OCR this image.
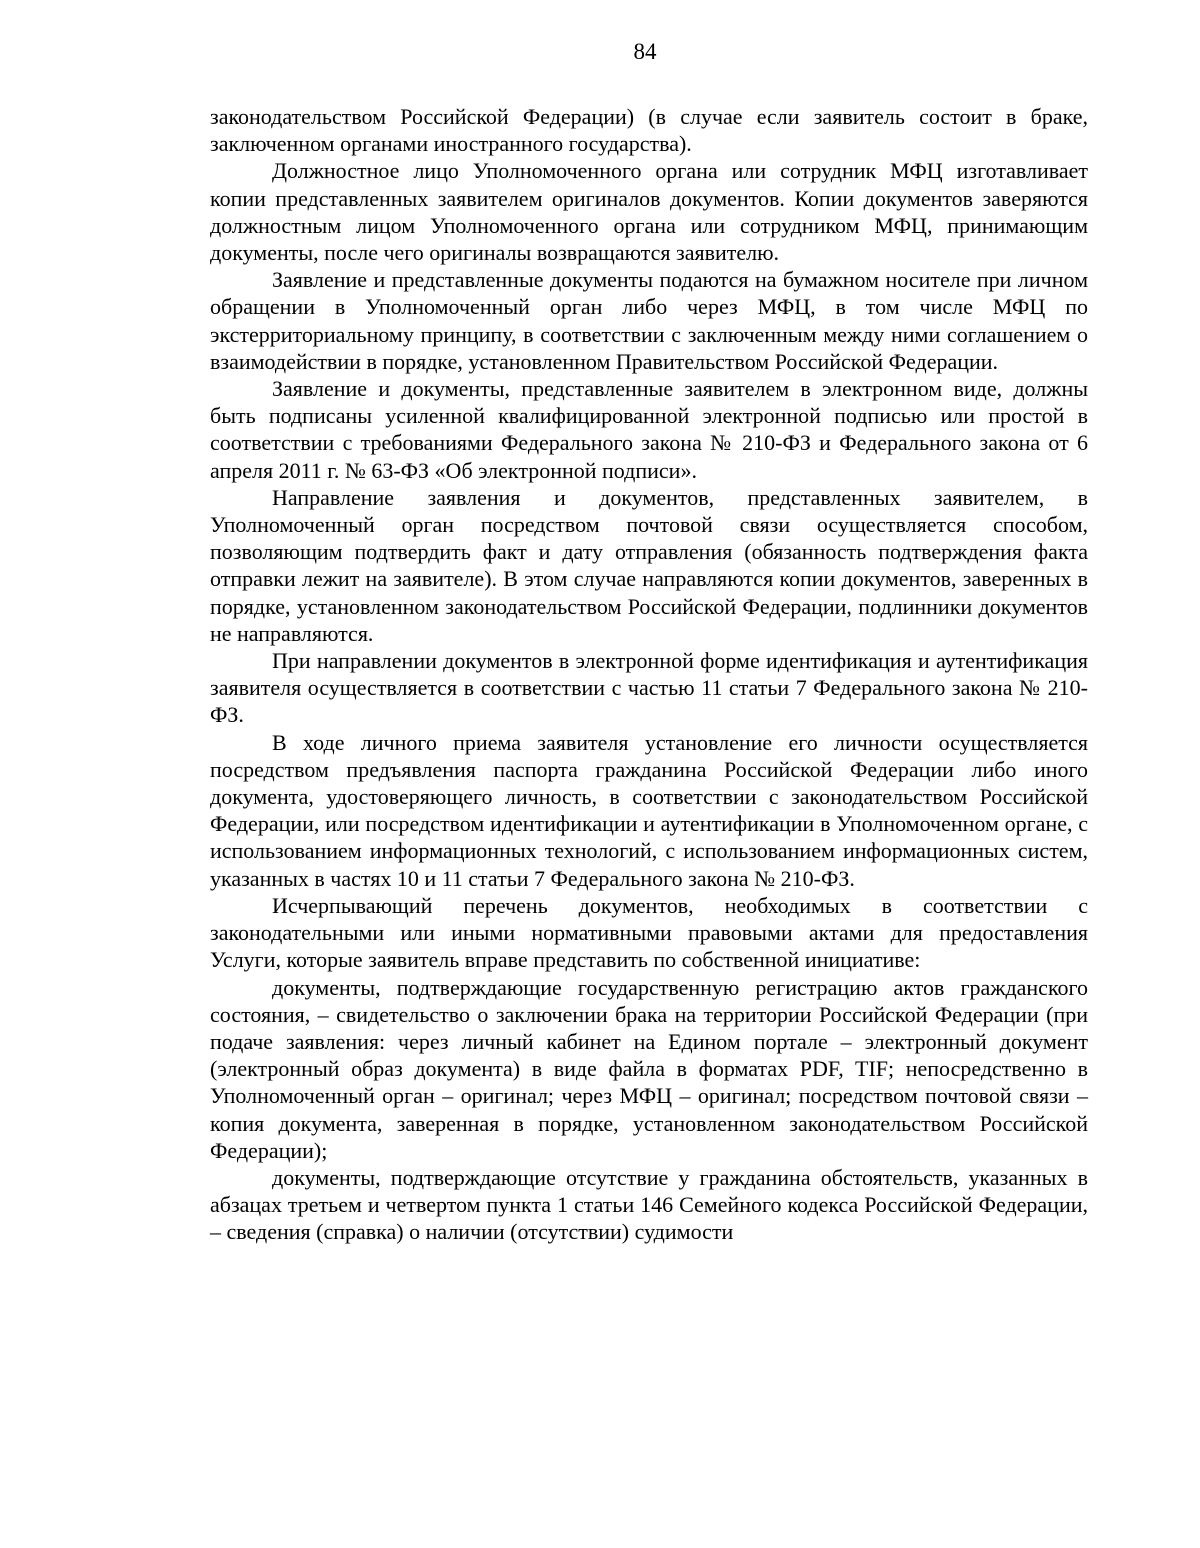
84

законодательством Российской Федерации) (в случае если заявитель состоит в браке, заключенном органами иностранного государства).

Должностное лицо Уполномоченного органа или сотрудник МФЦ изготавливает копии представленных заявителем оригиналов документов. Копии документов заверяются должностным лицом Уполномоченного органа или сотрудником МФЦ, принимающим документы, после чего оригиналы возвращаются заявителю.

Заявление и представленные документы подаются на бумажном носителе при личном обращении в Уполномоченный орган либо через МФЦ, в том числе МФЦ по экстерриториальному принципу, в соответствии с заключенным между ними соглашением о взаимодействии в порядке, установленном Правительством Российской Федерации.

Заявление и документы, представленные заявителем в электронном виде, должны быть подписаны усиленной квалифицированной электронной подписью или простой в соответствии с требованиями Федерального закона № 210-ФЗ и Федерального закона от 6 апреля 2011 г. № 63-ФЗ «Об электронной подписи».

Направление заявления и документов, представленных заявителем, в Уполномоченный орган посредством почтовой связи осуществляется способом, позволяющим подтвердить факт и дату отправления (обязанность подтверждения факта отправки лежит на заявителе). В этом случае направляются копии документов, заверенных в порядке, установленном законодательством Российской Федерации, подлинники документов не направляются.

При направлении документов в электронной форме идентификация и аутентификация заявителя осуществляется в соответствии с частью 11 статьи 7 Федерального закона № 210-ФЗ.

В ходе личного приема заявителя установление его личности осуществляется посредством предъявления паспорта гражданина Российской Федерации либо иного документа, удостоверяющего личность, в соответствии с законодательством Российской Федерации, или посредством идентификации и аутентификации в Уполномоченном органе, с использованием информационных технологий, с использованием информационных систем, указанных в частях 10 и 11 статьи 7 Федерального закона № 210-ФЗ.

Исчерпывающий перечень документов, необходимых в соответствии с законодательными или иными нормативными правовыми актами для предоставления Услуги, которые заявитель вправе представить по собственной инициативе:

документы, подтверждающие государственную регистрацию актов гражданского состояния, – свидетельство о заключении брака на территории Российской Федерации (при подаче заявления: через личный кабинет на Едином портале – электронный документ (электронный образ документа) в виде файла в форматах PDF, TIF; непосредственно в Уполномоченный орган – оригинал; через МФЦ – оригинал; посредством почтовой связи – копия документа, заверенная в порядке, установленном законодательством Российской Федерации);

документы, подтверждающие отсутствие у гражданина обстоятельств, указанных в абзацах третьем и четвертом пункта 1 статьи 146 Семейного кодекса Российской Федерации, – сведения (справка) о наличии (отсутствии) судимости
